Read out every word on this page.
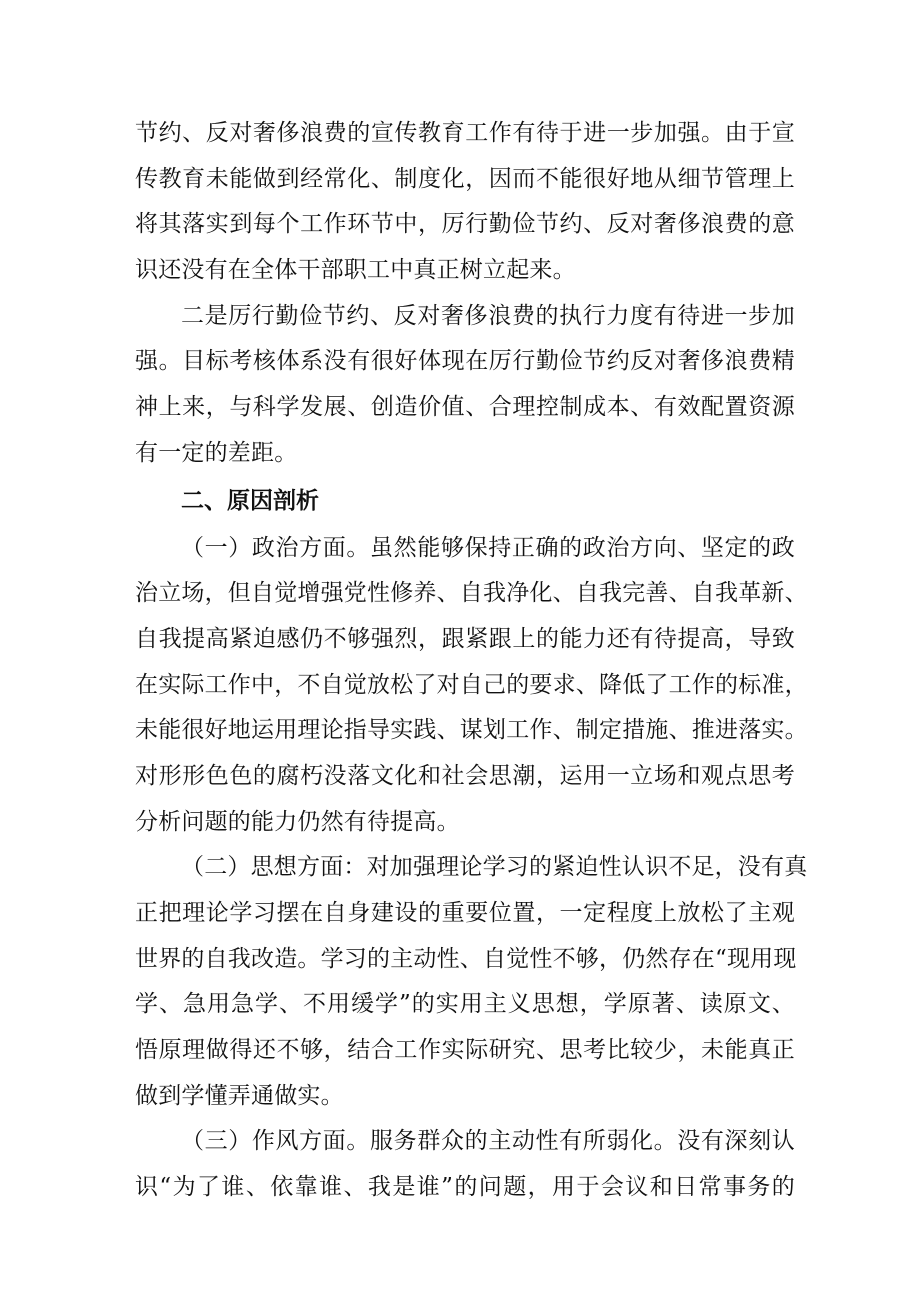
节约、反对奢侈浪费的宣传教育工作有待于进一步加强。由于宣
传教育未能做到经常化、制度化，因而不能很好地从细节管理上
将其落实到每个工作环节中，厉行勤俭节约、反对奢侈浪费的意
识还没有在全体干部职工中真正树立起来。
二是厉行勤俭节约、反对奢侈浪费的执行力度有待进一步加
强。目标考核体系没有很好体现在厉行勤俭节约反对奢侈浪费精
神上来，与科学发展、创造价值、合理控制成本、有效配置资源
有一定的差距。
二、原因剖析
（一）政治方面。虽然能够保持正确的政治方向、坚定的政
治立场，但自觉增强党性修养、自我净化、自我完善、自我革新、
自我提高紧迫感仍不够强烈，跟紧跟上的能力还有待提高，导致
在实际工作中，不自觉放松了对自己的要求、降低了工作的标准，
未能很好地运用理论指导实践、谋划工作、制定措施、推进落实。
对形形色色的腐朽没落文化和社会思潮，运用一立场和观点思考
分析问题的能力仍然有待提高。
（二）思想方面：对加强理论学习的紧迫性认识不足，没有真
正把理论学习摆在自身建设的重要位置，一定程度上放松了主观
世界的自我改造。学习的主动性、自觉性不够，仍然存在“现用现
学、急用急学、不用缓学”的实用主义思想，学原著、读原文、
悟原理做得还不够，结合工作实际研究、思考比较少，未能真正
做到学懂弄通做实。
（三）作风方面。服务群众的主动性有所弱化。没有深刻认
识“为了谁、依靠谁、我是谁”的问题，用于会议和日常事务的
